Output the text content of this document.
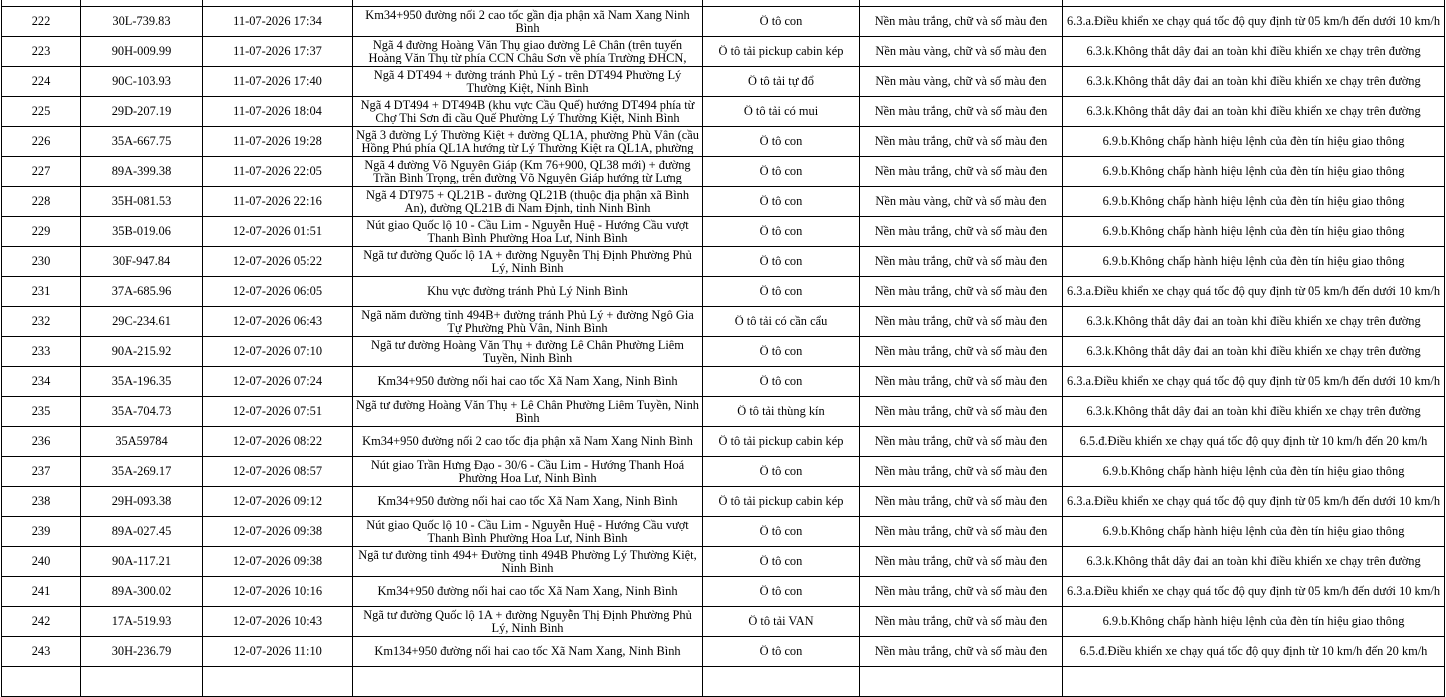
222	30L-739.83	11-07-2026 17:34	Km34+950 đường nối 2 cao tốc gần địa phận xã Nam Xang Ninh Bình	Ô tô con	Nền màu trắng, chữ và số màu đen	6.3.a.Điều khiển xe chạy quá tốc độ quy định từ 05 km/h đến dưới 10 km/h

223	90H-009.99	11-07-2026 17:37	Ngã 4 đường Hoàng Văn Thụ giao đường Lê Chân (trên tuyến Hoàng Văn Thụ từ phía CCN Châu Sơn về phía Trường ĐHCN,	Ô tô tải pickup cabin kép	Nền màu vàng, chữ và số màu đen	6.3.k.Không thắt dây đai an toàn khi điều khiển xe chạy trên đường

224	90C-103.93	11-07-2026 17:40	Ngã 4 DT494 + đường tránh Phủ Lý - trên DT494 Phường Lý Thường Kiệt, Ninh Bình	Ô tô tải tự đổ	Nền màu vàng, chữ và số màu đen	6.3.k.Không thắt dây đai an toàn khi điều khiển xe chạy trên đường

225	29D-207.19	11-07-2026 18:04	Ngã 4 DT494 + DT494B (khu vực Cầu Quế) hướng DT494 phía từ Chợ Thi Sơn đi cầu Quế Phường Lý Thường Kiệt, Ninh Bình	Ô tô tải có mui	Nền màu trắng, chữ và số màu đen	6.3.k.Không thắt dây đai an toàn khi điều khiển xe chạy trên đường

226	35A-667.75	11-07-2026 19:28	Ngã 3 đường Lý Thường Kiệt + đường QL1A, phường Phù Vân (cầu Hồng Phú phía QL1A hướng từ Lý Thường Kiệt ra QL1A, phường	Ô tô con	Nền màu trắng, chữ và số màu đen	6.9.b.Không chấp hành hiệu lệnh của đèn tín hiệu giao thông

227	89A-399.38	11-07-2026 22:05	Ngã 4 đường Võ Nguyên Giáp (Km 76+900, QL38 mới) + đường Trần Bình Trọng, trên đường Võ Nguyên Giáp hướng từ Lưng	Ô tô con	Nền màu trắng, chữ và số màu đen	6.9.b.Không chấp hành hiệu lệnh của đèn tín hiệu giao thông

228	35H-081.53	11-07-2026 22:16	Ngã 4 DT975 + QL21B - đường QL21B (thuộc địa phận xã Bình An), đường QL21B đi Nam Định, tỉnh Ninh Bình	Ô tô con	Nền màu vàng, chữ và số màu đen	6.9.b.Không chấp hành hiệu lệnh của đèn tín hiệu giao thông

229	35B-019.06	12-07-2026 01:51	Nút giao Quốc lộ 10 - Cầu Lim - Nguyễn Huệ - Hướng Cầu vượt Thanh Bình Phường Hoa Lư, Ninh Bình	Ô tô con	Nền màu trắng, chữ và số màu đen	6.9.b.Không chấp hành hiệu lệnh của đèn tín hiệu giao thông

230	30F-947.84	12-07-2026 05:22	Ngã tư đường Quốc lộ 1A + đường Nguyễn Thị Định Phường Phủ Lý, Ninh Bình	Ô tô con	Nền màu trắng, chữ và số màu đen	6.9.b.Không chấp hành hiệu lệnh của đèn tín hiệu giao thông

231	37A-685.96	12-07-2026 06:05	Khu vực đường tránh Phủ Lý Ninh Bình	Ô tô con	Nền màu trắng, chữ và số màu đen	6.3.a.Điều khiển xe chạy quá tốc độ quy định từ 05 km/h đến dưới 10 km/h

232	29C-234.61	12-07-2026 06:43	Ngã năm đường tỉnh 494B+ đường tránh Phủ Lý + đường Ngô Gia Tự Phường Phù Vân, Ninh Bình	Ô tô tải có cần cẩu	Nền màu trắng, chữ và số màu đen	6.3.k.Không thắt dây đai an toàn khi điều khiển xe chạy trên đường

233	90A-215.92	12-07-2026 07:10	Ngã tư đường Hoàng Văn Thụ + đường Lê Chân Phường Liêm Tuyền, Ninh Bình	Ô tô con	Nền màu trắng, chữ và số màu đen	6.3.k.Không thắt dây đai an toàn khi điều khiển xe chạy trên đường

234	35A-196.35	12-07-2026 07:24	Km34+950 đường nối hai cao tốc Xã Nam Xang, Ninh Bình	Ô tô con	Nền màu trắng, chữ và số màu đen	6.3.a.Điều khiển xe chạy quá tốc độ quy định từ 05 km/h đến dưới 10 km/h

235	35A-704.73	12-07-2026 07:51	Ngã tư đường Hoàng Văn Thụ + Lê Chân Phường Liêm Tuyền, Ninh Bình	Ô tô tải thùng kín	Nền màu trắng, chữ và số màu đen	6.3.k.Không thắt dây đai an toàn khi điều khiển xe chạy trên đường

236	35A59784	12-07-2026 08:22	Km34+950 đường nối 2 cao tốc địa phận xã Nam Xang Ninh Bình	Ô tô tải pickup cabin kép	Nền màu trắng, chữ và số màu đen	6.5.đ.Điều khiển xe chạy quá tốc độ quy định từ 10 km/h đến 20 km/h

237	35A-269.17	12-07-2026 08:57	Nút giao Trần Hưng Đạo - 30/6 - Cầu Lim - Hướng Thanh Hoá Phường Hoa Lư, Ninh Bình	Ô tô con	Nền màu trắng, chữ và số màu đen	6.9.b.Không chấp hành hiệu lệnh của đèn tín hiệu giao thông

238	29H-093.38	12-07-2026 09:12	Km34+950 đường nối hai cao tốc Xã Nam Xang, Ninh Bình	Ô tô tải pickup cabin kép	Nền màu trắng, chữ và số màu đen	6.3.a.Điều khiển xe chạy quá tốc độ quy định từ 05 km/h đến dưới 10 km/h

239	89A-027.45	12-07-2026 09:38	Nút giao Quốc lộ 10 - Cầu Lim - Nguyễn Huệ - Hướng Cầu vượt Thanh Bình Phường Hoa Lư, Ninh Bình	Ô tô con	Nền màu trắng, chữ và số màu đen	6.9.b.Không chấp hành hiệu lệnh của đèn tín hiệu giao thông

240	90A-117.21	12-07-2026 09:38	Ngã tư đường tỉnh 494+ Đường tỉnh 494B Phường Lý Thường Kiệt, Ninh Bình	Ô tô con	Nền màu trắng, chữ và số màu đen	6.3.k.Không thắt dây đai an toàn khi điều khiển xe chạy trên đường

241	89A-300.02	12-07-2026 10:16	Km34+950 đường nối hai cao tốc Xã Nam Xang, Ninh Bình	Ô tô con	Nền màu trắng, chữ và số màu đen	6.3.a.Điều khiển xe chạy quá tốc độ quy định từ 05 km/h đến dưới 10 km/h

242	17A-519.93	12-07-2026 10:43	Ngã tư đường Quốc lộ 1A + đường Nguyễn Thị Định Phường Phủ Lý, Ninh Bình	Ô tô tải VAN	Nền màu trắng, chữ và số màu đen	6.9.b.Không chấp hành hiệu lệnh của đèn tín hiệu giao thông

243	30H-236.79	12-07-2026 11:10	Km134+950 đường nối hai cao tốc Xã Nam Xang, Ninh Bình	Ô tô con	Nền màu trắng, chữ và số màu đen	6.5.đ.Điều khiển xe chạy quá tốc độ quy định từ 10 km/h đến 20 km/h
